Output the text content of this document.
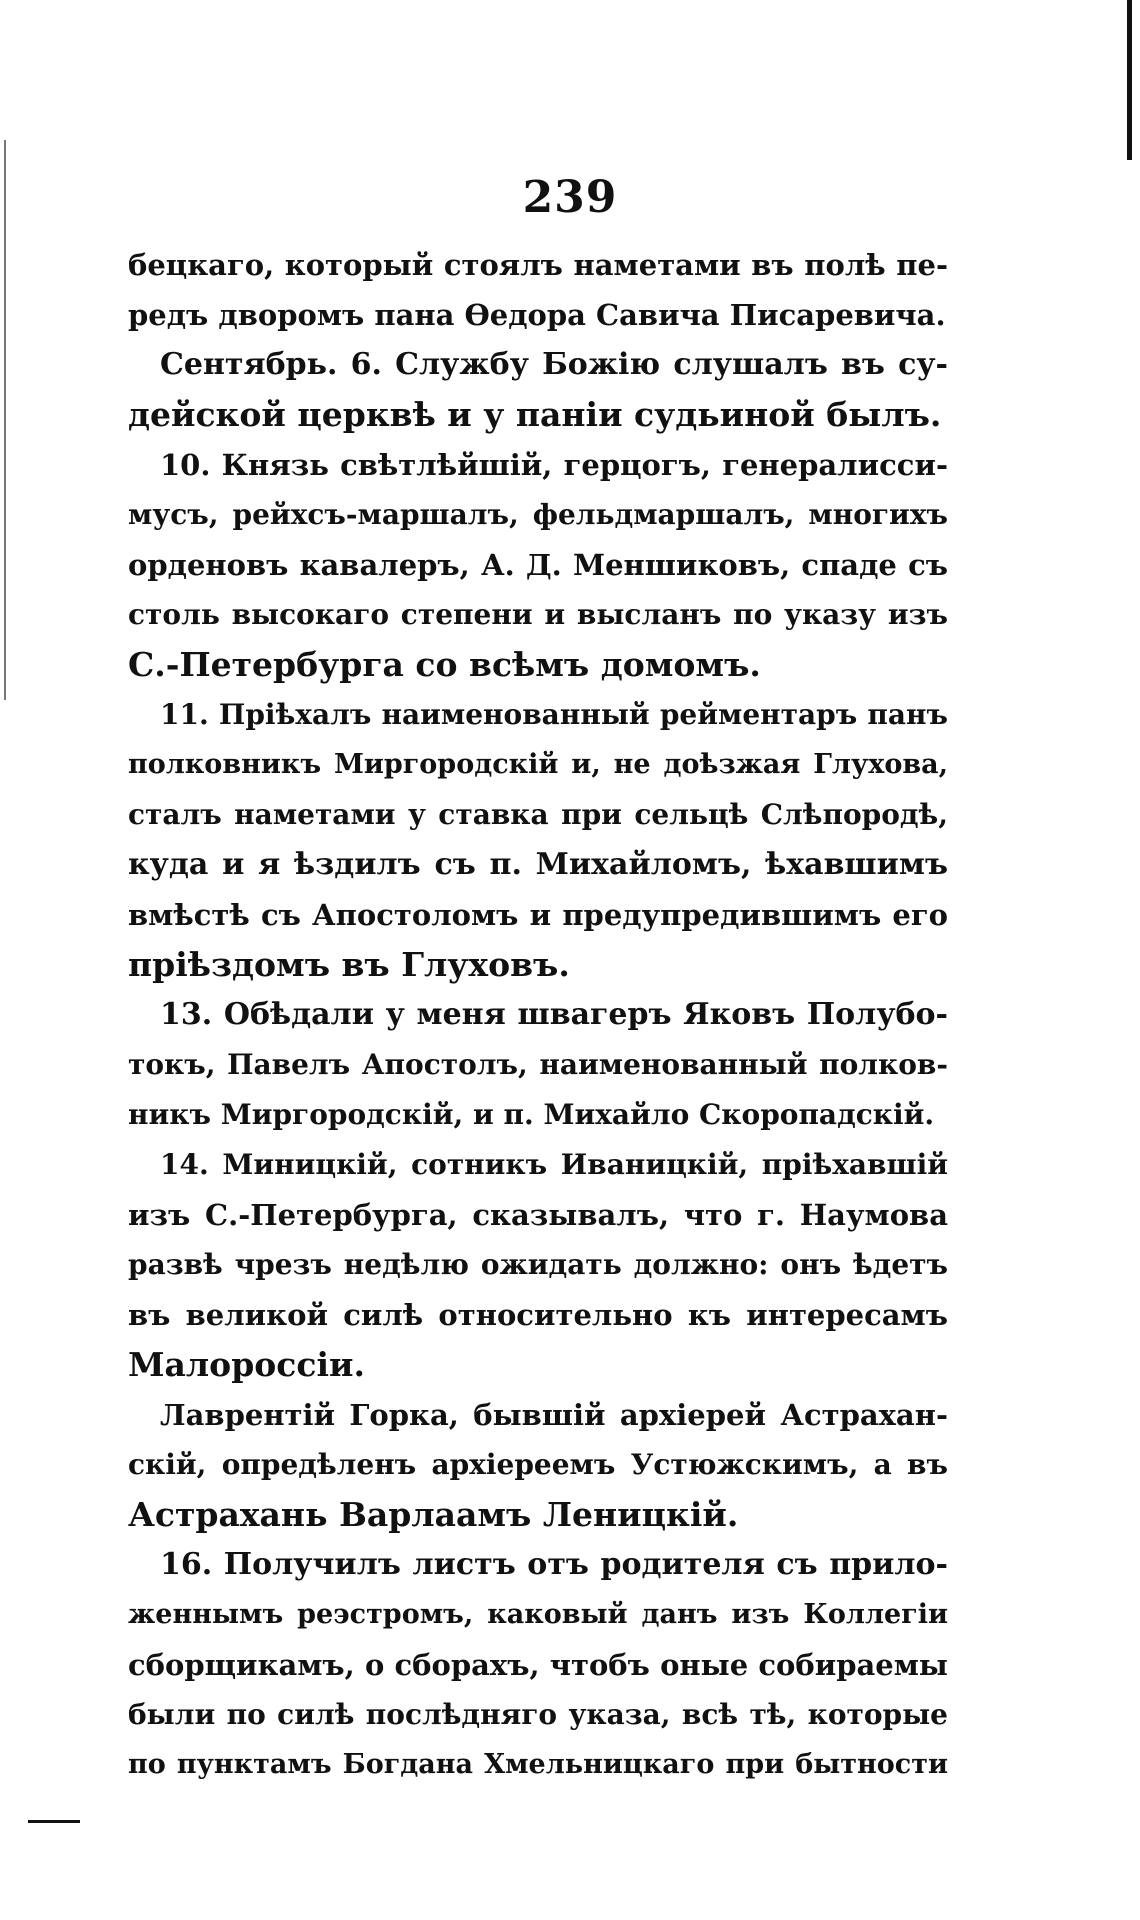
239
бецкаго, который стоялъ наметами въ полѣ пе-
редъ дворомъ пана Ѳедора Савича Писаревича.
Сентябрь. 6. Службу Божію слушалъ въ су-
дейской церквѣ и у паніи судьиной былъ.
10. Князь свѣтлѣйшій, герцогъ, генералисси-
мусъ, рейхсъ-маршалъ, фельдмаршалъ, многихъ
орденовъ кавалеръ, А. Д. Меншиковъ, спаде съ
столь высокаго степени и высланъ по указу изъ
С.-Петербурга со всѣмъ домомъ.
11. Пріѣхалъ наименованный рейментаръ панъ
полковникъ Миргородскій и, не доѣзжая Глухова,
сталъ наметами у ставка при сельцѣ Слѣпородѣ,
куда и я ѣздилъ съ п. Михайломъ, ѣхавшимъ
вмѣстѣ съ Апостоломъ и предупредившимъ его
пріѣздомъ въ Глуховъ.
13. Обѣдали у меня швагеръ Яковъ Полубо-
токъ, Павелъ Апостолъ, наименованный полков-
никъ Миргородскій, и п. Михайло Скоропадскій.
14. Миницкій, сотникъ Иваницкій, пріѣхавшій
изъ С.-Петербурга, сказывалъ, что г. Наумова
развѣ чрезъ недѣлю ожидать должно: онъ ѣдетъ
въ великой силѣ относительно къ интересамъ
Малороссіи.
Лаврентій Горка, бывшій архіерей Астрахан-
скій, опредѣленъ архіереемъ Устюжскимъ, а въ
Астрахань Варлаамъ Леницкій.
16. Получилъ листъ отъ родителя съ прило-
женнымъ реэстромъ, каковый данъ изъ Коллегіи
сборщикамъ, о сборахъ, чтобъ оные собираемы
были по силѣ послѣдняго указа, всѣ тѣ, которые
по пунктамъ Богдана Хмельницкаго при бытности
